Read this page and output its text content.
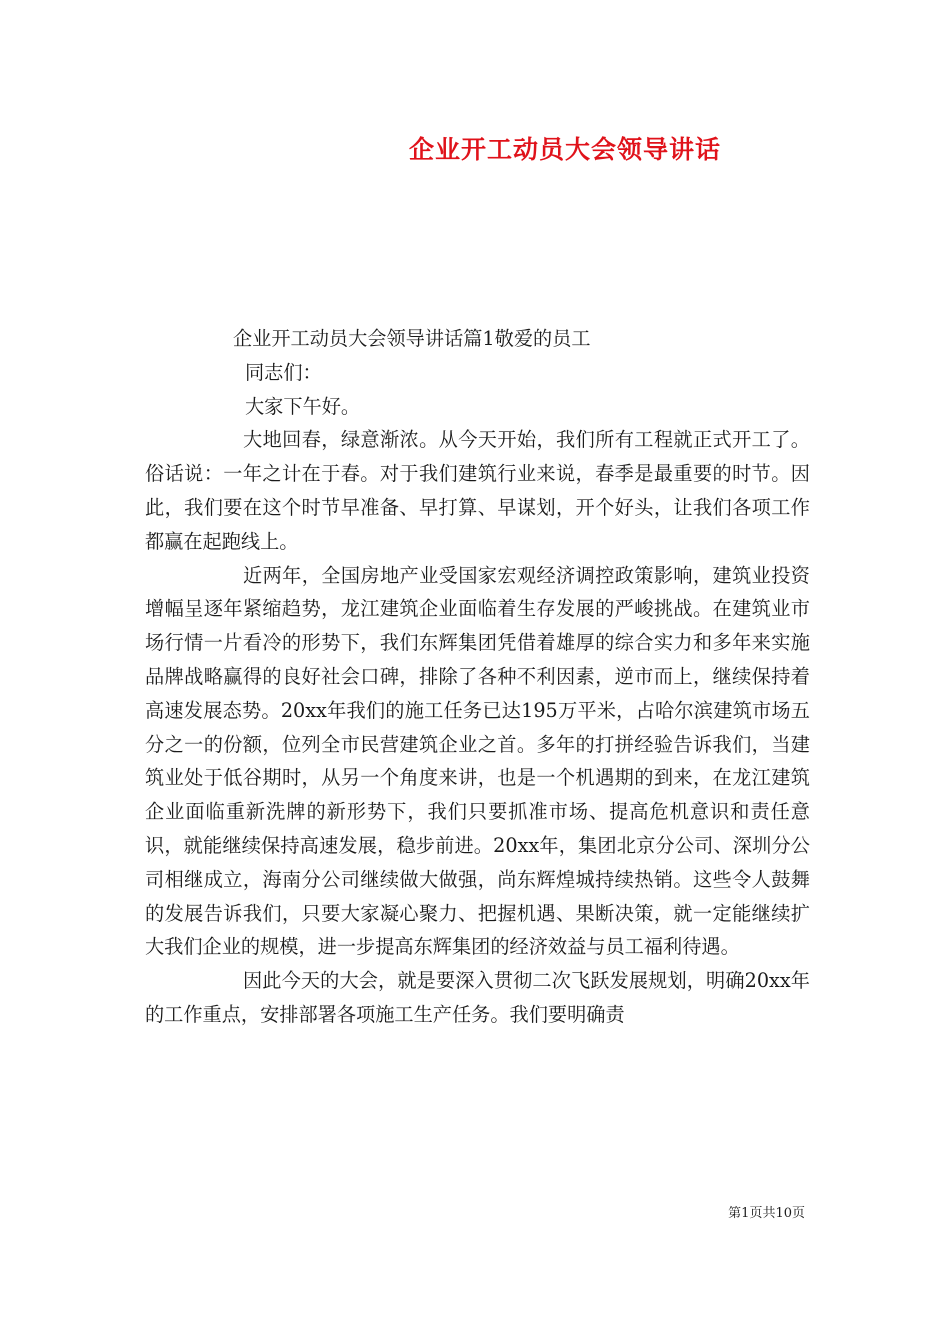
企业开工动员大会领导讲话

企业开工动员大会领导讲话篇1敬爱的员工

同志们：

大家下午好。

大地回春，绿意渐浓。从今天开始，我们所有工程就正式开工了。俗话说：一年之计在于春。对于我们建筑行业来说，春季是最重要的时节。因此，我们要在这个时节早准备、早打算、早谋划，开个好头，让我们各项工作都赢在起跑线上。

近两年，全国房地产业受国家宏观经济调控政策影响，建筑业投资增幅呈逐年紧缩趋势，龙江建筑企业面临着生存发展的严峻挑战。在建筑业市场行情一片看冷的形势下，我们东辉集团凭借着雄厚的综合实力和多年来实施品牌战略赢得的良好社会口碑，排除了各种不利因素，逆市而上，继续保持着高速发展态势。20xx年我们的施工任务已达195万平米，占哈尔滨建筑市场五分之一的份额，位列全市民营建筑企业之首。多年的打拼经验告诉我们，当建筑业处于低谷期时，从另一个角度来讲，也是一个机遇期的到来，在龙江建筑企业面临重新洗牌的新形势下，我们只要抓准市场、提高危机意识和责任意识，就能继续保持高速发展，稳步前进。20xx年，集团北京分公司、深圳分公司相继成立，海南分公司继续做大做强，尚东辉煌城持续热销。这些令人鼓舞的发展告诉我们，只要大家凝心聚力、把握机遇、果断决策，就一定能继续扩大我们企业的规模，进一步提高东辉集团的经济效益与员工福利待遇。

因此今天的大会，就是要深入贯彻二次飞跃发展规划，明确20xx年的工作重点，安排部署各项施工生产任务。我们要明确责

第1页共10页
